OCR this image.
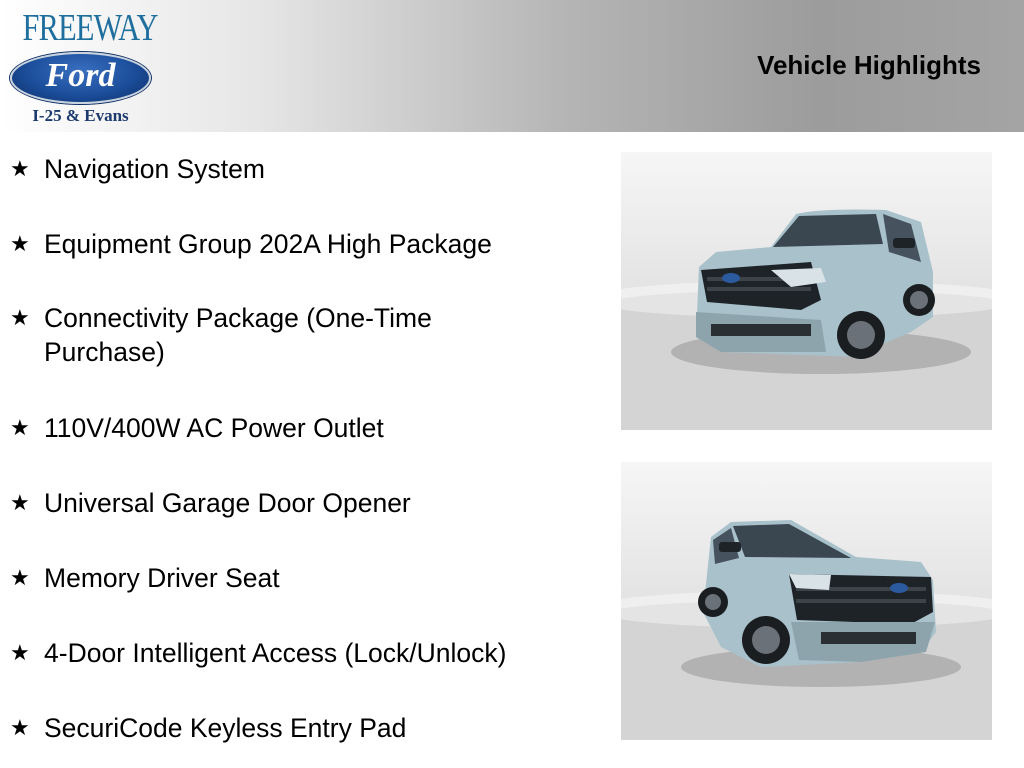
FREEWAY
Ford
I-25 & Evans
Vehicle Highlights
★ Navigation System
★ Equipment Group 202A High Package
★ Connectivity Package (One-Time Purchase)
★ 110V/400W AC Power Outlet
★ Universal Garage Door Opener
★ Memory Driver Seat
★ 4-Door Intelligent Access (Lock/Unlock)
★ SecuriCode Keyless Entry Pad
